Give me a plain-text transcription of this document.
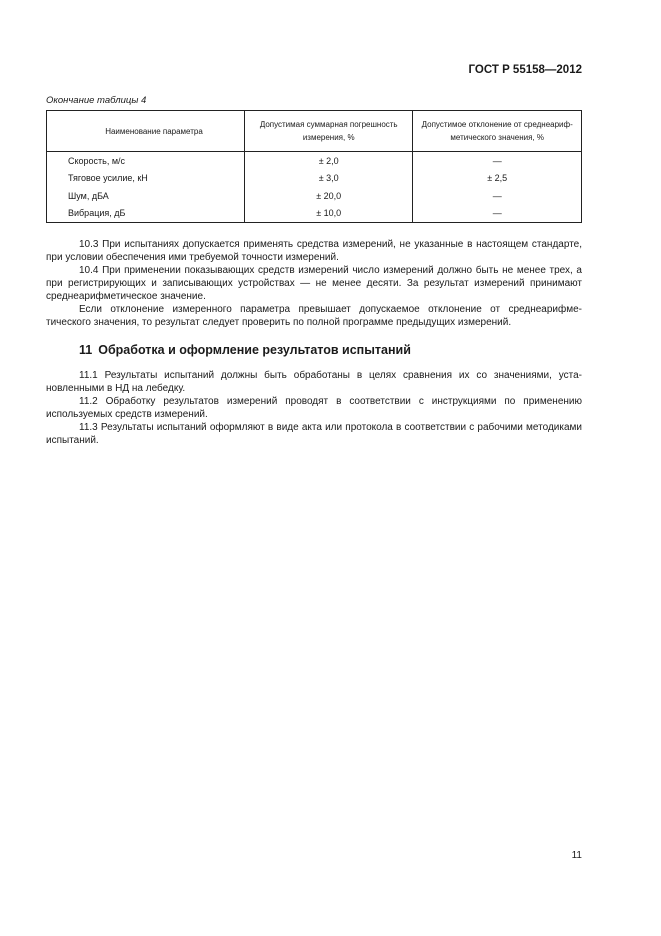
ГОСТ Р 55158—2012
Окончание таблицы 4
Наименование параметра	Допустимая суммарная погрешность измерения, %	Допустимое отклонение от среднеариф-метического значения, %
Скорость, м/с	± 2,0	—
Тяговое усилие, кН	± 3,0	± 2,5
Шум, дБА	± 20,0	—
Вибрация, дБ	± 10,0	—

10.3 При испытаниях допускается применять средства измерений, не указанные в настоящем стандарте, при условии обеспечения ими требуемой точности измерений.

10.4 При применении показывающих средств измерений число измерений должно быть не менее трех, а при регистрирующих и записывающих устройствах — не менее десяти. За результат измерений принимают среднеарифметическое значение.

Если отклонение измеренного параметра превышает допускаемое отклонение от среднеарифме-тического значения, то результат следует проверить по полной программе предыдущих измерений.

11 Обработка и оформление результатов испытаний

11.1 Результаты испытаний должны быть обработаны в целях сравнения их со значениями, уста-новленными в НД на лебедку.

11.2 Обработку результатов измерений проводят в соответствии с инструкциями по применению используемых средств измерений.

11.3 Результаты испытаний оформляют в виде акта или протокола в соответствии с рабочими методиками испытаний.

11
